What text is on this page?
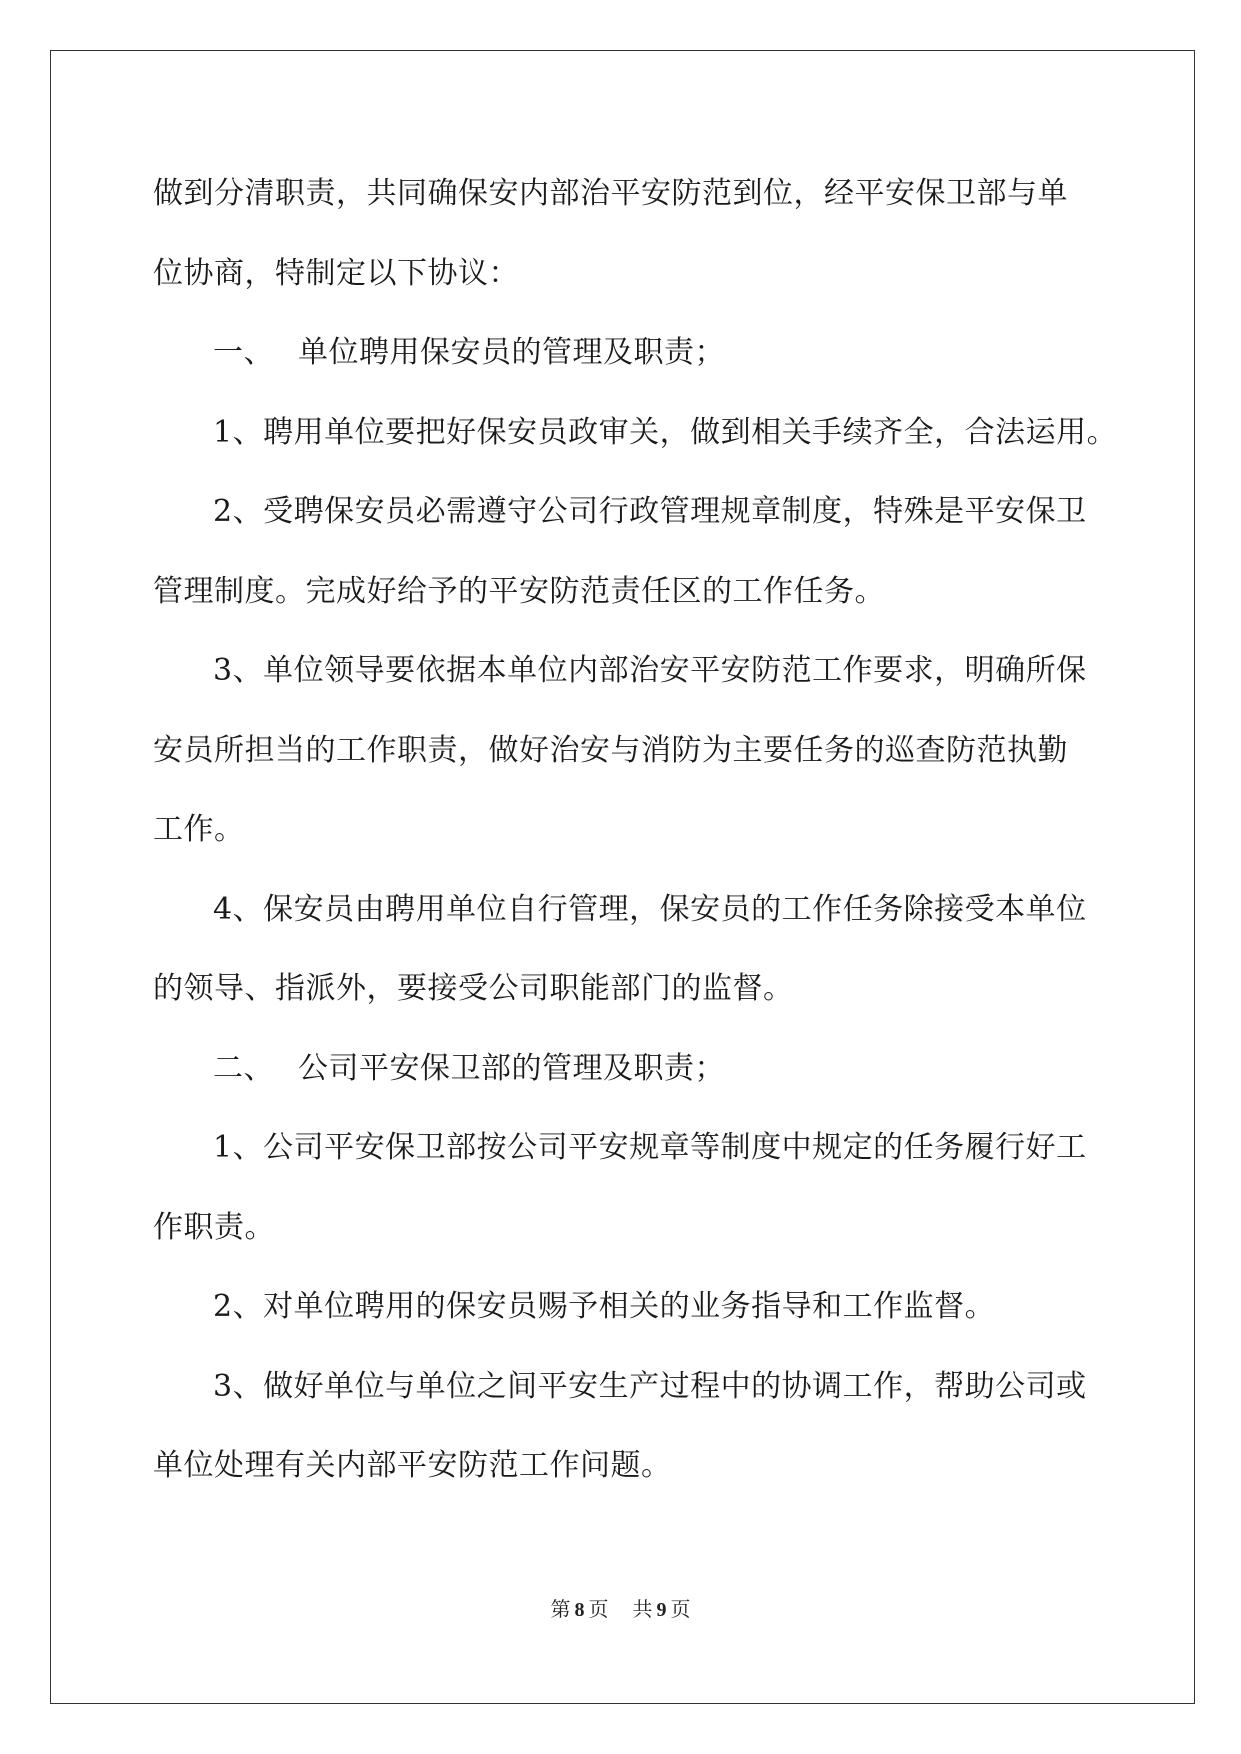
做到分清职责，共同确保安内部治平安防范到位，经平安保卫部与单
位协商，特制定以下协议：
一、 单位聘用保安员的管理及职责；
1、聘用单位要把好保安员政审关，做到相关手续齐全，合法运用。
2、受聘保安员必需遵守公司行政管理规章制度，特殊是平安保卫
管理制度。完成好给予的平安防范责任区的工作任务。
3、单位领导要依据本单位内部治安平安防范工作要求，明确所保
安员所担当的工作职责，做好治安与消防为主要任务的巡查防范执勤
工作。
4、保安员由聘用单位自行管理，保安员的工作任务除接受本单位
的领导、指派外，要接受公司职能部门的监督。
二、 公司平安保卫部的管理及职责；
1、公司平安保卫部按公司平安规章等制度中规定的任务履行好工
作职责。
2、对单位聘用的保安员赐予相关的业务指导和工作监督。
3、做好单位与单位之间平安生产过程中的协调工作，帮助公司或
单位处理有关内部平安防范工作问题。
第 8 页 共 9 页
